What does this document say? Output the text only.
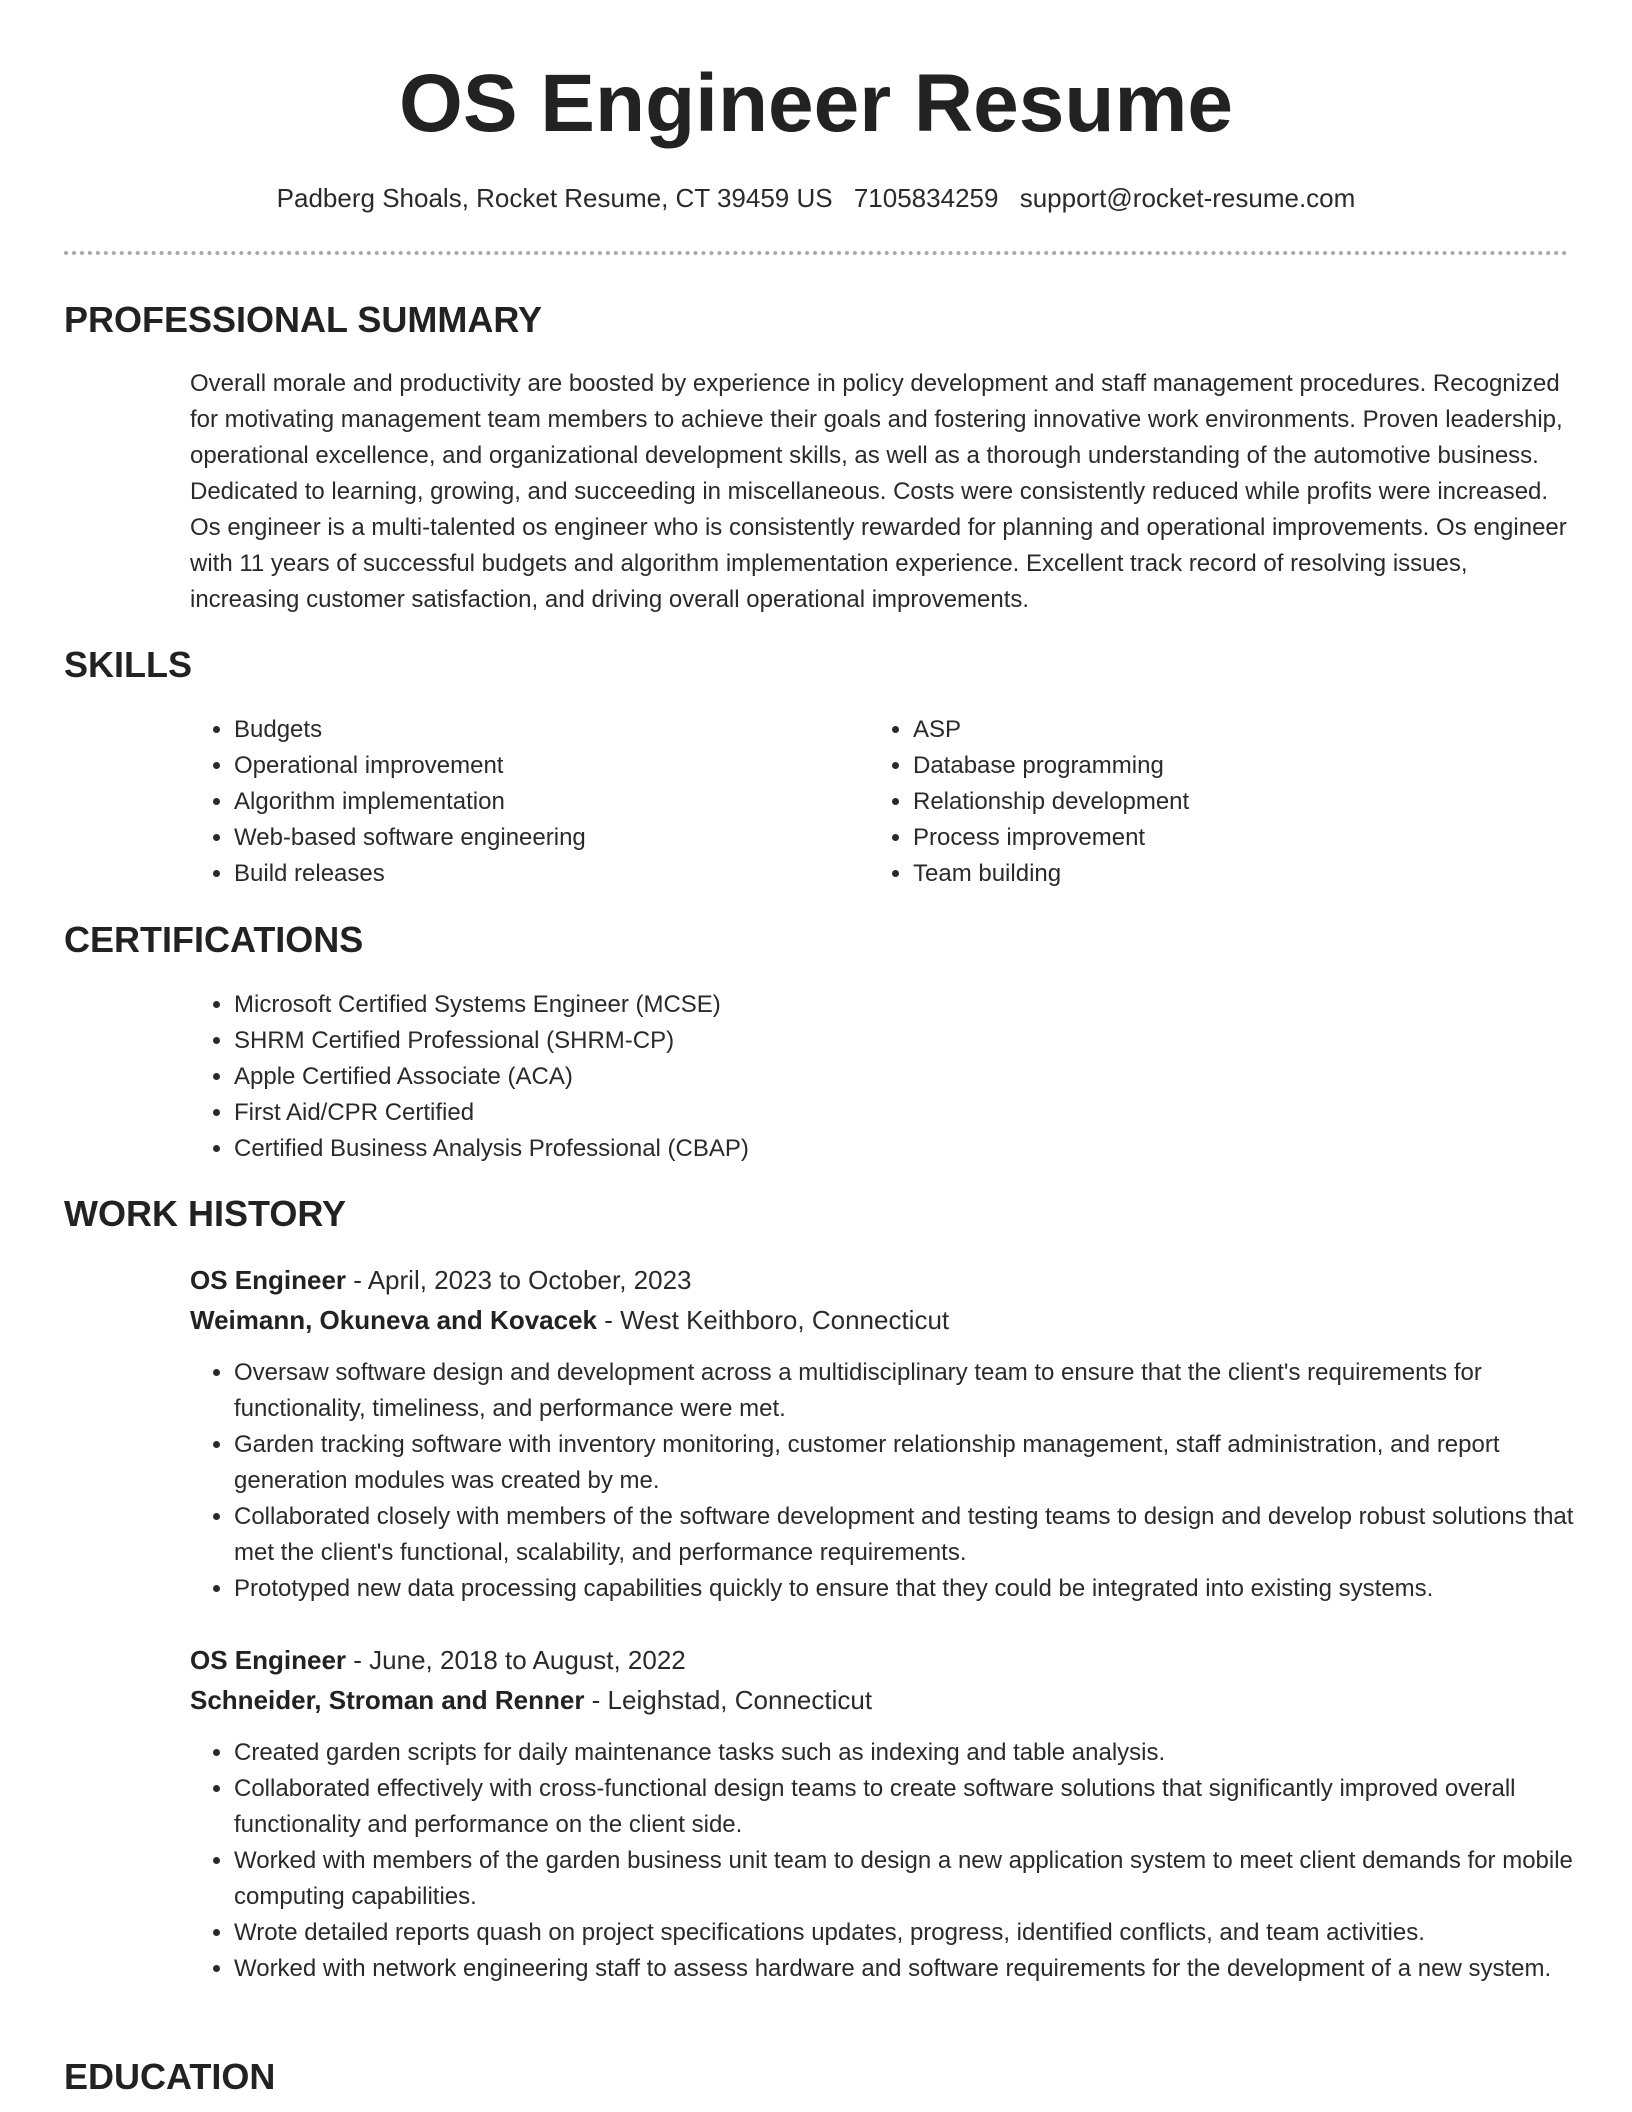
OS Engineer Resume
Padberg Shoals, Rocket Resume, CT 39459 US 7105834259 support@rocket-resume.com
PROFESSIONAL SUMMARY

Overall morale and productivity are boosted by experience in policy development and staff management procedures. Recognized for motivating management team members to achieve their goals and fostering innovative work environments. Proven leadership, operational excellence, and organizational development skills, as well as a thorough understanding of the automotive business. Dedicated to learning, growing, and succeeding in miscellaneous. Costs were consistently reduced while profits were increased. Os engineer is a multi-talented os engineer who is consistently rewarded for planning and operational improvements. Os engineer with 11 years of successful budgets and algorithm implementation experience. Excellent track record of resolving issues, increasing customer satisfaction, and driving overall operational improvements.

SKILLS
• Budgets
• Operational improvement
• Algorithm implementation
• Web-based software engineering
• Build releases
• ASP
• Database programming
• Relationship development
• Process improvement
• Team building
CERTIFICATIONS
• Microsoft Certified Systems Engineer (MCSE)
• SHRM Certified Professional (SHRM-CP)
• Apple Certified Associate (ACA)
• First Aid/CPR Certified
• Certified Business Analysis Professional (CBAP)
WORK HISTORY
OS Engineer - April, 2023 to October, 2023
Weimann, Okuneva and Kovacek - West Keithboro, Connecticut
• Oversaw software design and development across a multidisciplinary team to ensure that the client's requirements for functionality, timeliness, and performance were met.
• Garden tracking software with inventory monitoring, customer relationship management, staff administration, and report generation modules was created by me.
• Collaborated closely with members of the software development and testing teams to design and develop robust solutions that met the client's functional, scalability, and performance requirements.
• Prototyped new data processing capabilities quickly to ensure that they could be integrated into existing systems.
OS Engineer - June, 2018 to August, 2022
Schneider, Stroman and Renner - Leighstad, Connecticut
• Created garden scripts for daily maintenance tasks such as indexing and table analysis.
• Collaborated effectively with cross-functional design teams to create software solutions that significantly improved overall functionality and performance on the client side.
• Worked with members of the garden business unit team to design a new application system to meet client demands for mobile computing capabilities.
• Wrote detailed reports quash on project specifications updates, progress, identified conflicts, and team activities.
• Worked with network engineering staff to assess hardware and software requirements for the development of a new system.
EDUCATION
